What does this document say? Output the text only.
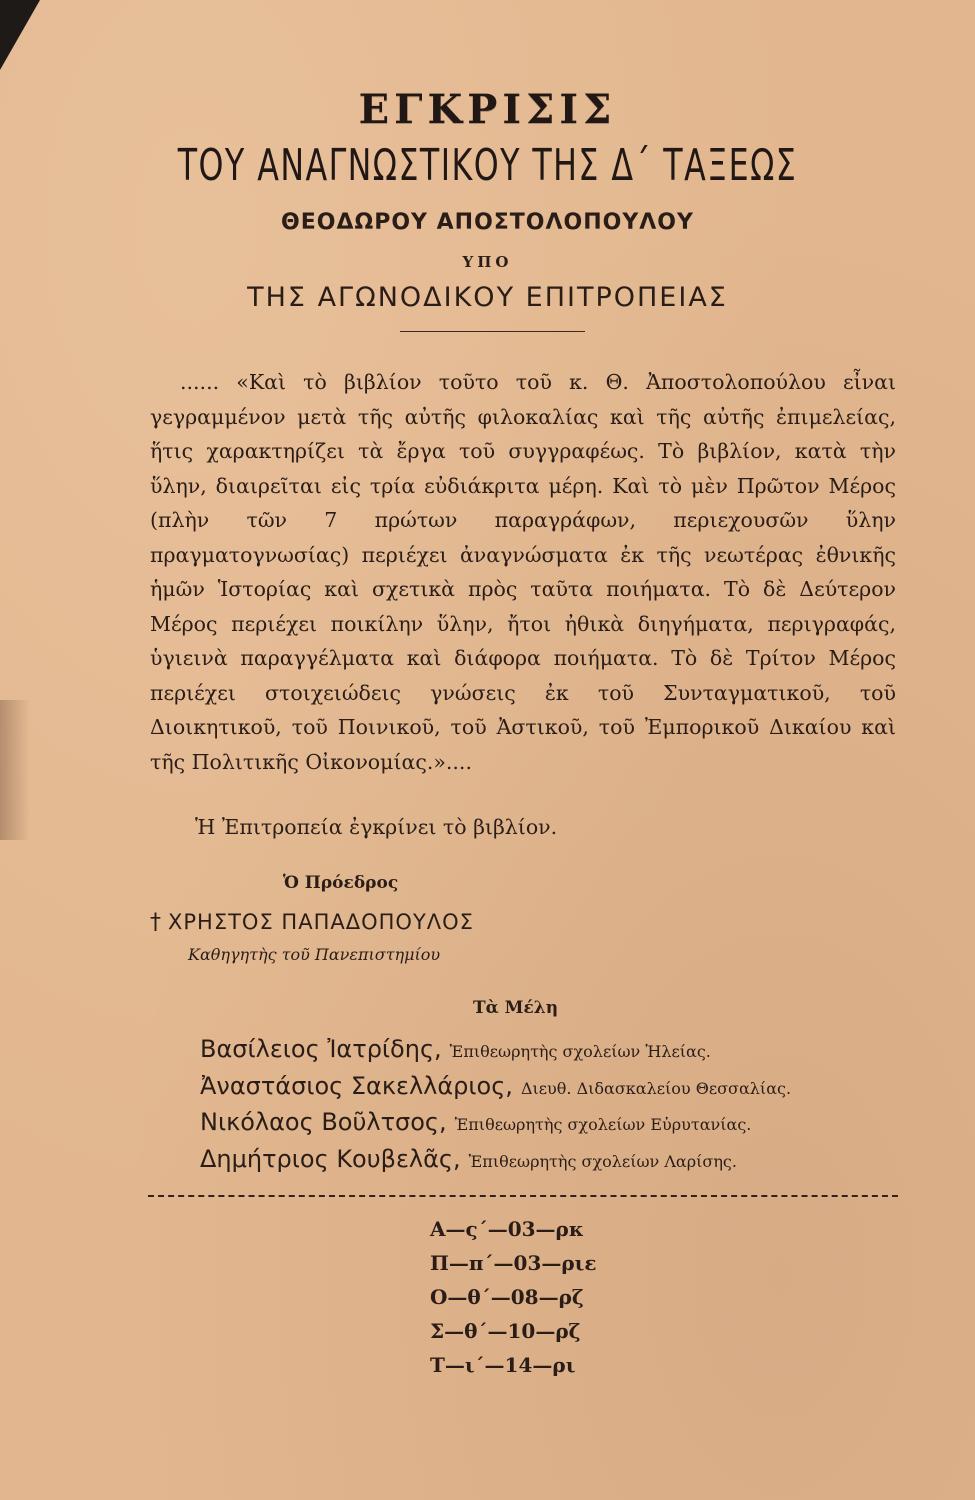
ΕΓΚΡΙΣΙΣ
ΤΟΥ ΑΝΑΓΝΩΣΤΙΚΟΥ ΤΗΣ Δ΄ ΤΑΞΕΩΣ
ΘΕΟΔΩΡΟΥ ΑΠΟΣΤΟΛΟΠΟΥΛΟΥ
ΥΠΟ
ΤΗΣ ΑΓΩΝΟΔΙΚΟΥ ΕΠΙΤΡΟΠΕΙΑΣ

...... «Καὶ τὸ βιβλίον τοῦτο τοῦ κ. Θ. Ἀποστολοπούλου εἶναι γεγραμμένον μετὰ τῆς αὐτῆς φιλοκαλίας καὶ τῆς αὐτῆς ἐπιμελείας, ἥτις χαρακτηρίζει τὰ ἔργα τοῦ συγγραφέως. Τὸ βιβλίον, κατὰ τὴν ὕλην, διαιρεῖται εἰς τρία εὐδιάκριτα μέρη. Καὶ τὸ μὲν Πρῶτον Μέρος (πλὴν τῶν 7 πρώτων παραγράφων, περιεχουσῶν ὕλην πραγματογνωσίας) περιέχει ἀναγνώσματα ἐκ τῆς νεωτέρας ἐθνικῆς ἡμῶν Ἱστορίας καὶ σχετικὰ πρὸς ταῦτα ποιήματα. Τὸ δὲ Δεύτερον Μέρος περιέχει ποικίλην ὕλην, ἤτοι ἠθικὰ διηγήματα, περιγραφάς, ὑγιεινὰ παραγγέλματα καὶ διάφορα ποιήματα. Τὸ δὲ Τρίτον Μέρος περιέχει στοιχειώδεις γνώσεις ἐκ τοῦ Συνταγματικοῦ, τοῦ Διοικητικοῦ, τοῦ Ποινικοῦ, τοῦ Ἀστικοῦ, τοῦ Ἐμπορικοῦ Δικαίου καὶ τῆς Πολιτικῆς Οἰκονομίας.»....

Ἡ Ἐπιτροπεία ἐγκρίνει τὸ βιβλίον.
Ὁ Πρόεδρος
† ΧΡΗΣΤΟΣ ΠΑΠΑΔΟΠΟΥΛΟΣ
Καθηγητὴς τοῦ Πανεπιστημίου
Τὰ Μέλη
Βασίλειος Ἰατρίδης, Ἐπιθεωρητὴς σχολείων Ἠλείας.
Ἀναστάσιος Σακελλάριος, Διευθ. Διδασκαλείου Θεσσαλίας.
Νικόλαος Βοῦλτσος, Ἐπιθεωρητὴς σχολείων Εὐρυτανίας.
Δημήτριος Κουβελᾶς, Ἐπιθεωρητὴς σχολείων Λαρίσης.
Α—ς΄—03—ρκ
Π—π΄—03—ριε
Ο—θ΄—08—ρζ
Σ—θ΄—10—ρζ
Τ—ι΄—14—ρι
